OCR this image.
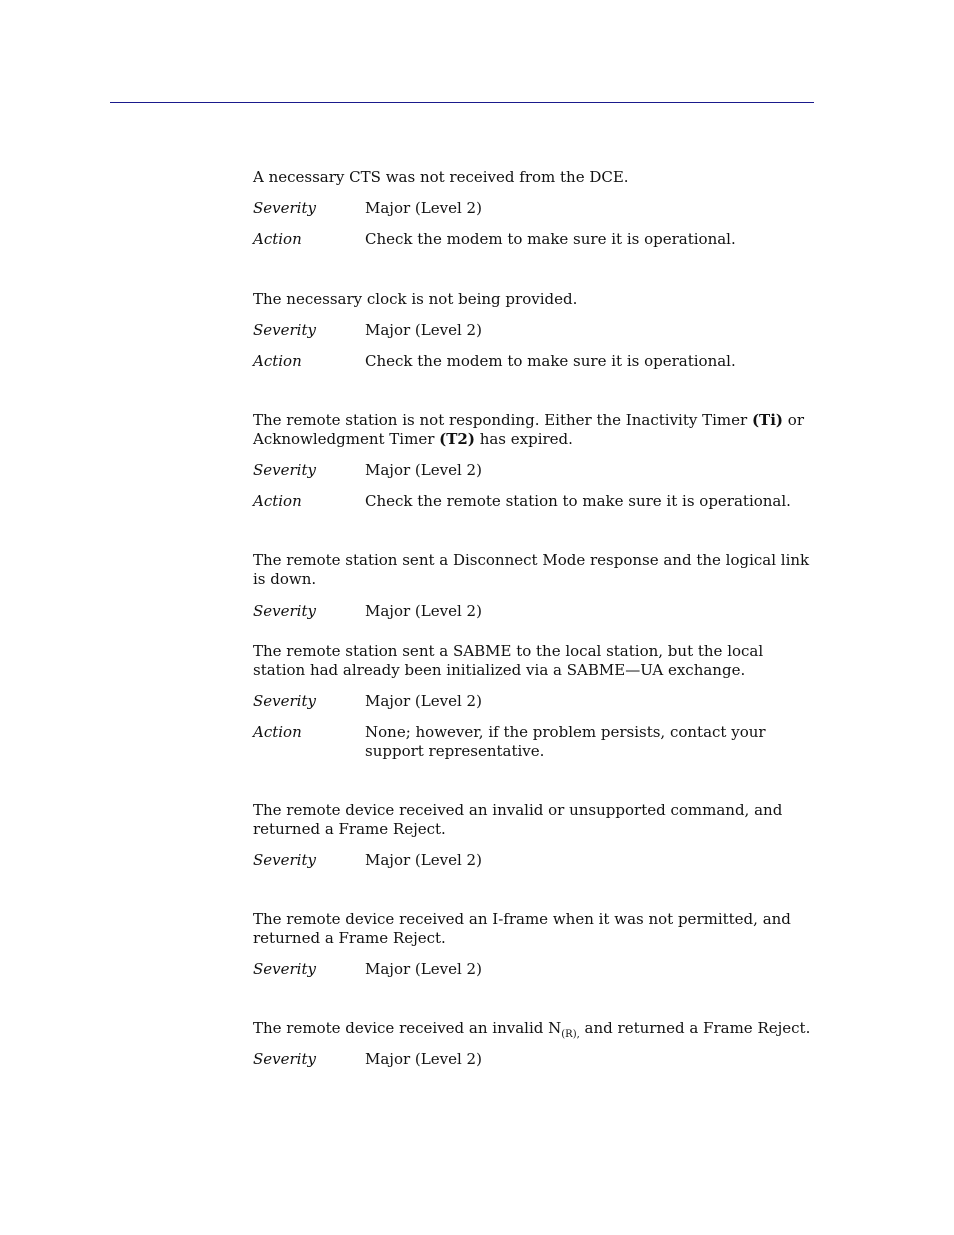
A necessary CTS was not received from the DCE.

Severity	Major (Level 2)
Action	Check the modem to make sure it is operational.

The necessary clock is not being provided.

Severity	Major (Level 2)
Action	Check the modem to make sure it is operational.

The remote station is not responding. Either the Inactivity Timer (Ti) or Acknowledgment Timer (T2) has expired.

Severity	Major (Level 2)
Action	Check the remote station to make sure it is operational.

The remote station sent a Disconnect Mode response and the logical link is down.

Severity	Major (Level 2)

The remote station sent a SABME to the local station, but the local station had already been initialized via a SABME—UA exchange.

Severity	Major (Level 2)
Action	None; however, if the problem persists, contact your support representative.

The remote device received an invalid or unsupported command, and returned a Frame Reject.

Severity	Major (Level 2)

The remote device received an I-frame when it was not permitted, and returned a Frame Reject.

Severity	Major (Level 2)

The remote device received an invalid $N_{(R),}$ and returned a Frame Reject.

Severity	Major (Level 2)
